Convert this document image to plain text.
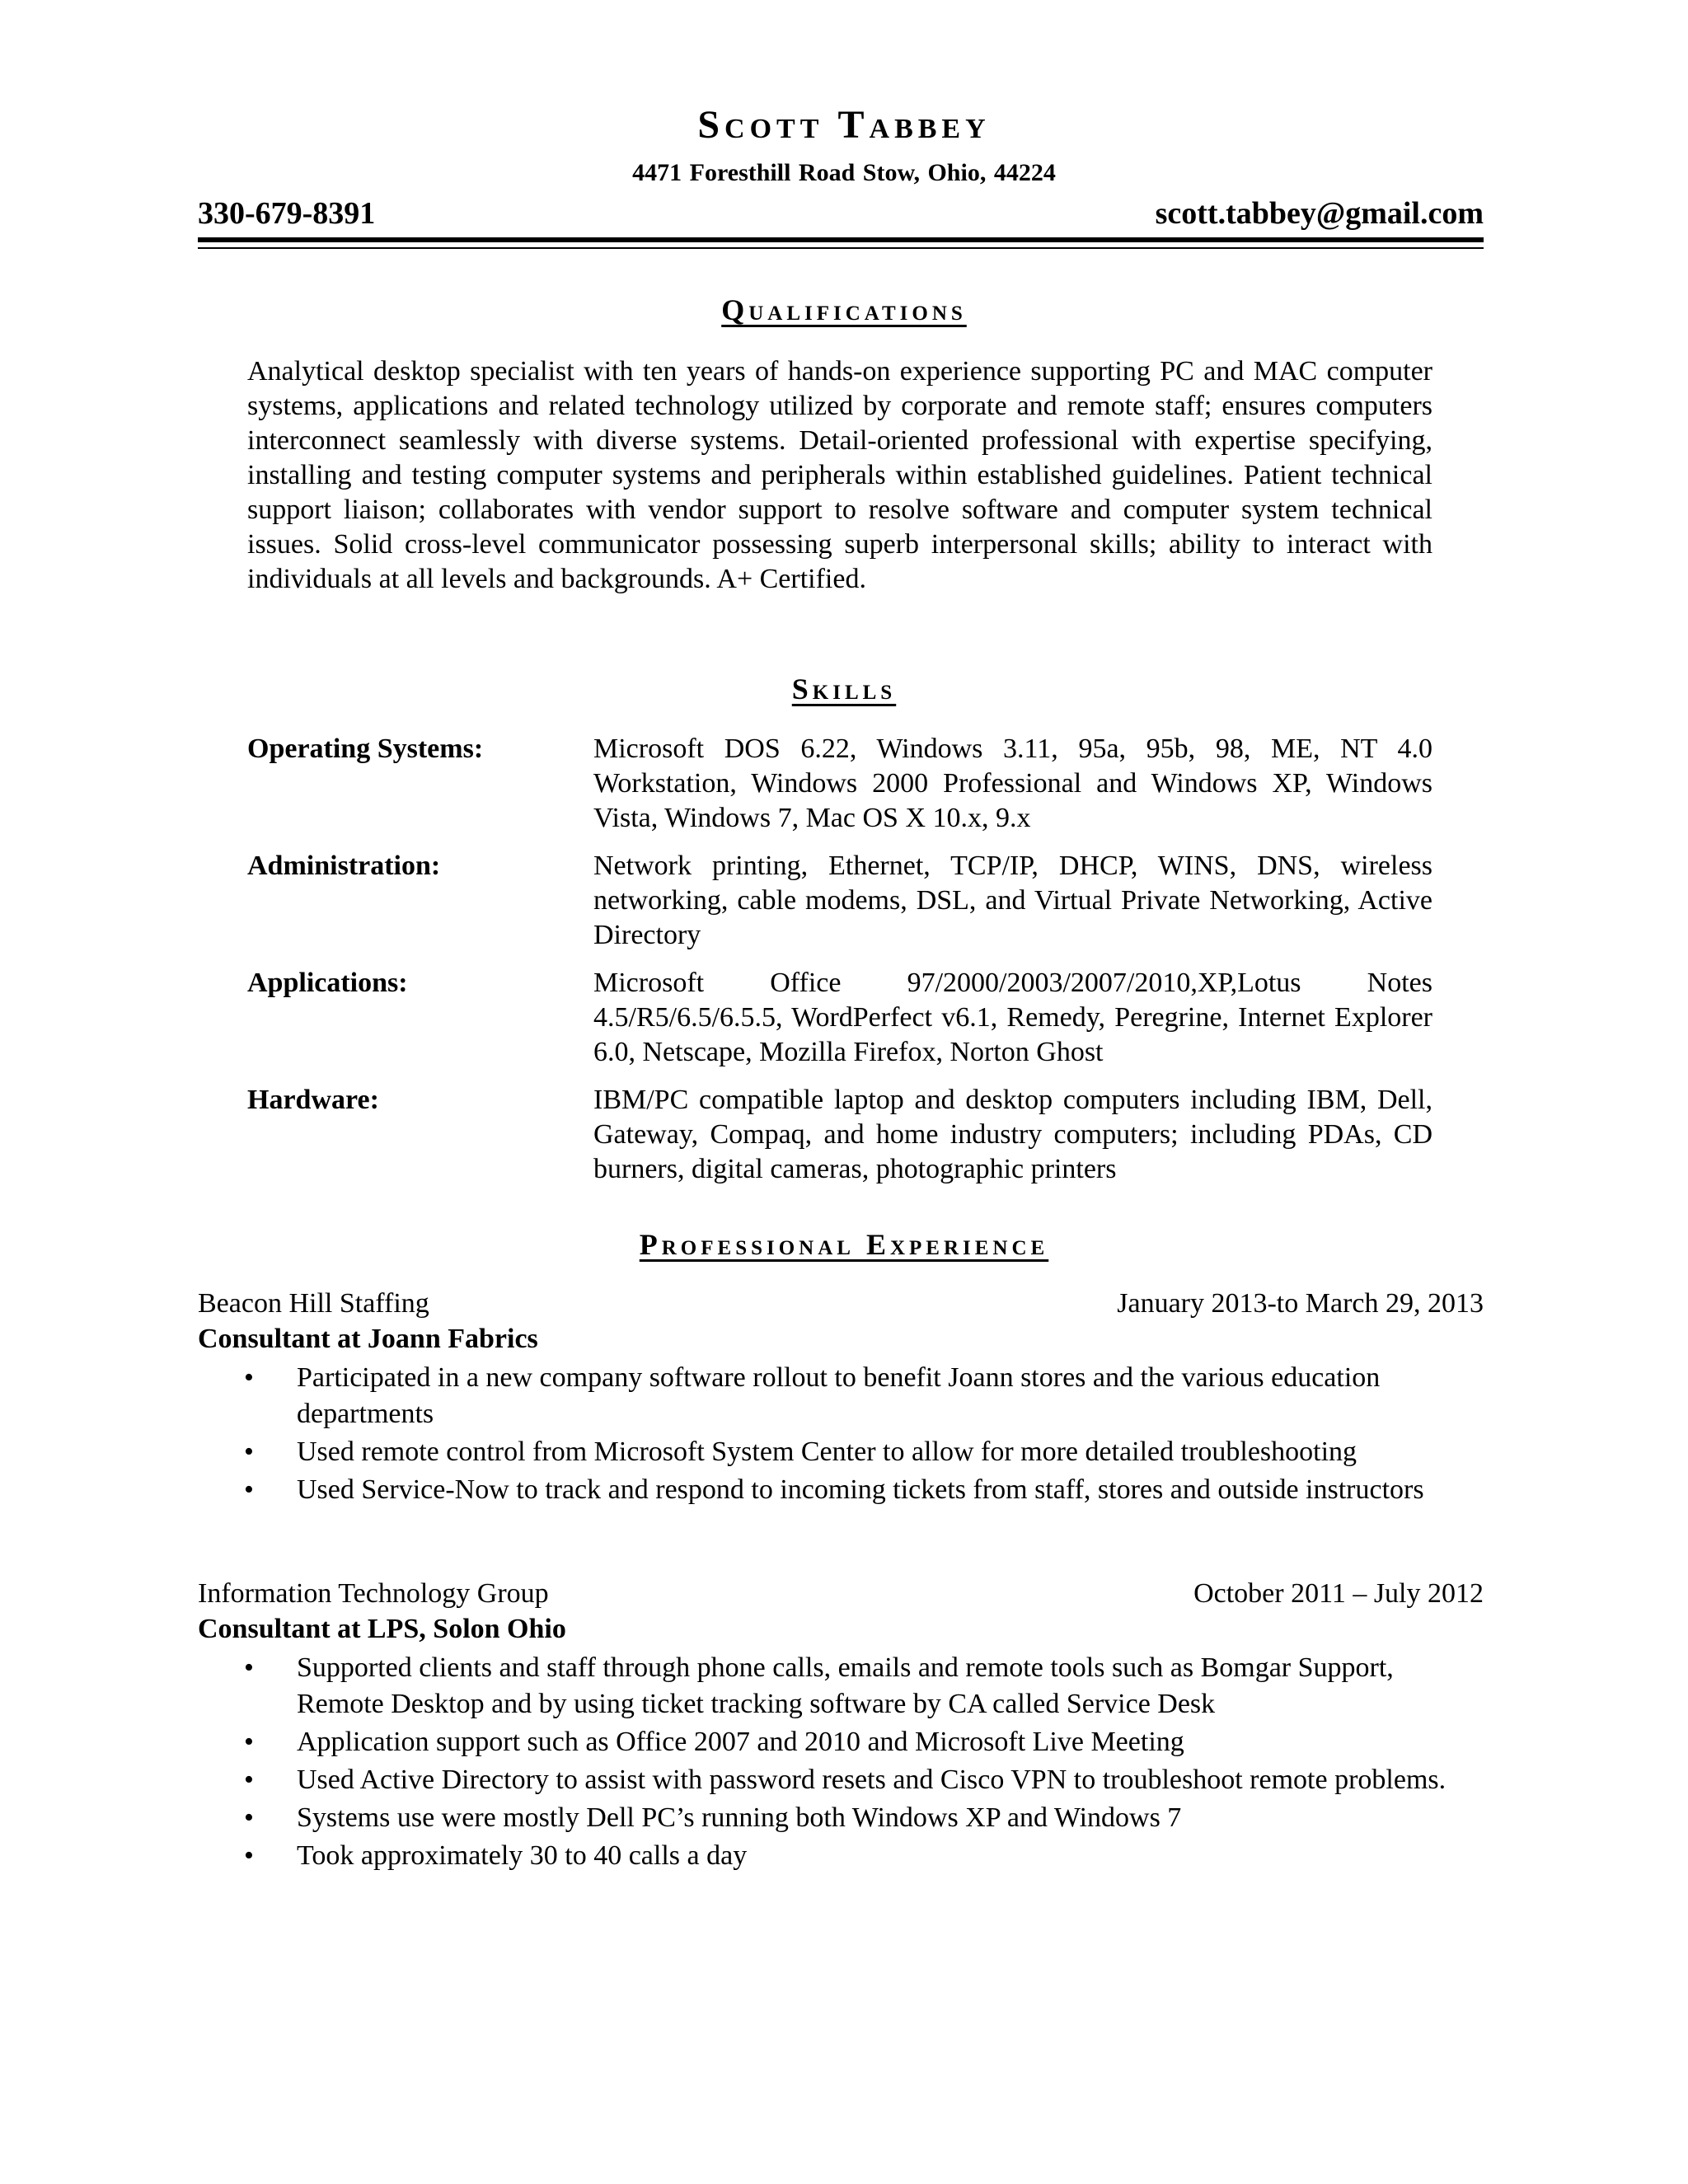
Scott Tabbey
4471 Foresthill Road Stow, Ohio, 44224
330-679-8391	scott.tabbey@gmail.com
Qualifications
Analytical desktop specialist with ten years of hands-on experience supporting PC and MAC computer systems, applications and related technology utilized by corporate and remote staff; ensures computers interconnect seamlessly with diverse systems. Detail-oriented professional with expertise specifying, installing and testing computer systems and peripherals within established guidelines. Patient technical support liaison; collaborates with vendor support to resolve software and computer system technical issues. Solid cross-level communicator possessing superb interpersonal skills; ability to interact with individuals at all levels and backgrounds. A+ Certified.
Skills
Operating Systems:	Microsoft DOS 6.22, Windows 3.11, 95a, 95b, 98, ME, NT 4.0 Workstation, Windows 2000 Professional and Windows XP, Windows Vista, Windows 7, Mac OS X 10.x, 9.x
Administration:	Network printing, Ethernet, TCP/IP, DHCP, WINS, DNS, wireless networking, cable modems, DSL, and Virtual Private Networking, Active Directory
Applications:	Microsoft Office 97/2000/2003/2007/2010,XP,Lotus Notes 4.5/R5/6.5/6.5.5, WordPerfect v6.1, Remedy, Peregrine, Internet Explorer 6.0, Netscape, Mozilla Firefox, Norton Ghost
Hardware:	IBM/PC compatible laptop and desktop computers including IBM, Dell, Gateway, Compaq, and home industry computers; including PDAs, CD burners, digital cameras, photographic printers
Professional Experience
Beacon Hill Staffing	January 2013-to March 29, 2013
Consultant at Joann Fabrics
• Participated in a new company software rollout to benefit Joann stores and the various education departments
• Used remote control from Microsoft System Center to allow for more detailed troubleshooting
• Used Service-Now to track and respond to incoming tickets from staff, stores and outside instructors
Information Technology Group	October 2011 – July 2012
Consultant at LPS, Solon Ohio
• Supported clients and staff through phone calls, emails and remote tools such as Bomgar Support, Remote Desktop and by using ticket tracking software by CA called Service Desk
• Application support such as Office 2007 and 2010 and Microsoft Live Meeting
• Used Active Directory to assist with password resets and Cisco VPN to troubleshoot remote problems.
• Systems use were mostly Dell PC’s running both Windows XP and Windows 7
• Took approximately 30 to 40 calls a day
